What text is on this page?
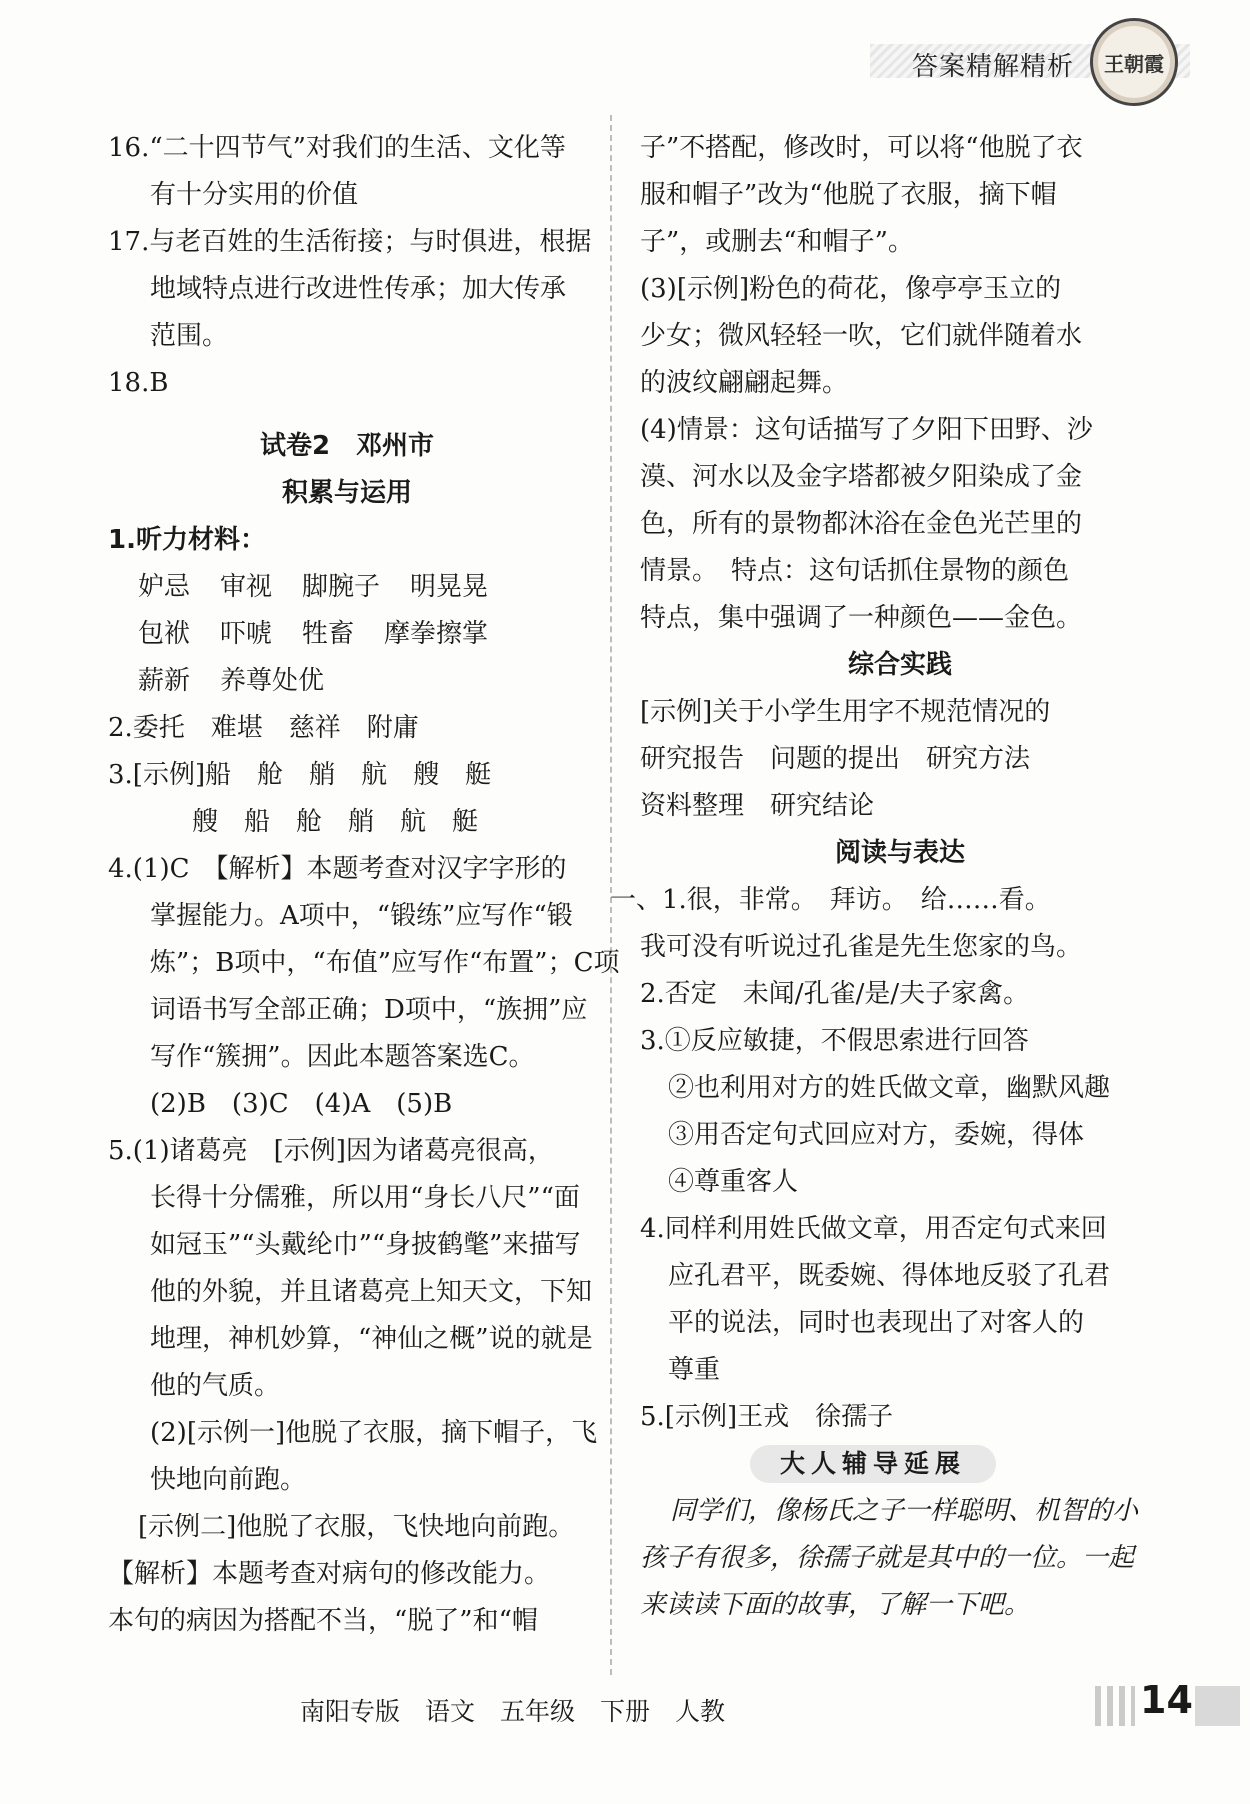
答案精解精析 王朝霞

16.“二十四节气”对我们的生活、文化等

有十分实用的价值

17.与老百姓的生活衔接；与时俱进，根据

地域特点进行改进性传承；加大传承

范围。

18.B

试卷2　邓州市

积累与运用

1.听力材料：

妒忌 审视 脚腕子 明晃晃
包袱 吓唬 牲畜 摩拳擦掌
薪新 养尊处优

2.委托　难堪　慈祥　附庸

3.[示例]船　舱　艄　航　艘　艇

艘　船　舱　艄　航　艇

4.(1)C　【解析】本题考查对汉字字形的

掌握能力。A项中，“锻练”应写作“锻

炼”；B项中，“布值”应写作“布置”；C项

词语书写全部正确；D项中，“族拥”应

写作“簇拥”。因此本题答案选C。

(2)B　(3)C　(4)A　(5)B

5.(1)诸葛亮　[示例]因为诸葛亮很高，

长得十分儒雅，所以用“身长八尺”“面

如冠玉”“头戴纶巾”“身披鹤氅”来描写

他的外貌，并且诸葛亮上知天文，下知

地理，神机妙算，“神仙之概”说的就是

他的气质。

(2)[示例一]他脱了衣服，摘下帽子，飞

快地向前跑。

[示例二]他脱了衣服，飞快地向前跑。

【解析】本题考查对病句的修改能力。

本句的病因为搭配不当，“脱了”和“帽

子”不搭配，修改时，可以将“他脱了衣

服和帽子”改为“他脱了衣服，摘下帽

子”，或删去“和帽子”。

(3)[示例]粉色的荷花，像亭亭玉立的

少女；微风轻轻一吹，它们就伴随着水

的波纹翩翩起舞。

(4)情景：这句话描写了夕阳下田野、沙

漠、河水以及金字塔都被夕阳染成了金

色，所有的景物都沐浴在金色光芒里的

情景。　特点：这句话抓住景物的颜色

特点，集中强调了一种颜色——金色。

综合实践

[示例]关于小学生用字不规范情况的

研究报告　问题的提出　研究方法

资料整理　研究结论

阅读与表达

一、1.很，非常。　拜访。　给……看。

我可没有听说过孔雀是先生您家的鸟。

2.否定　未闻/孔雀/是/夫子家禽。

3.①反应敏捷，不假思索进行回答

②也利用对方的姓氏做文章，幽默风趣

③用否定句式回应对方，委婉，得体

④尊重客人

4.同样利用姓氏做文章，用否定句式来回

应孔君平，既委婉、得体地反驳了孔君

平的说法，同时也表现出了对客人的

尊重

5.[示例]王戎　徐孺子

大人辅导延展

同学们，像杨氏之子一样聪明、机智的小

孩子有很多，徐孺子就是其中的一位。一起

来读读下面的故事，了解一下吧。

南阳专版　语文　五年级　下册　人教	14
